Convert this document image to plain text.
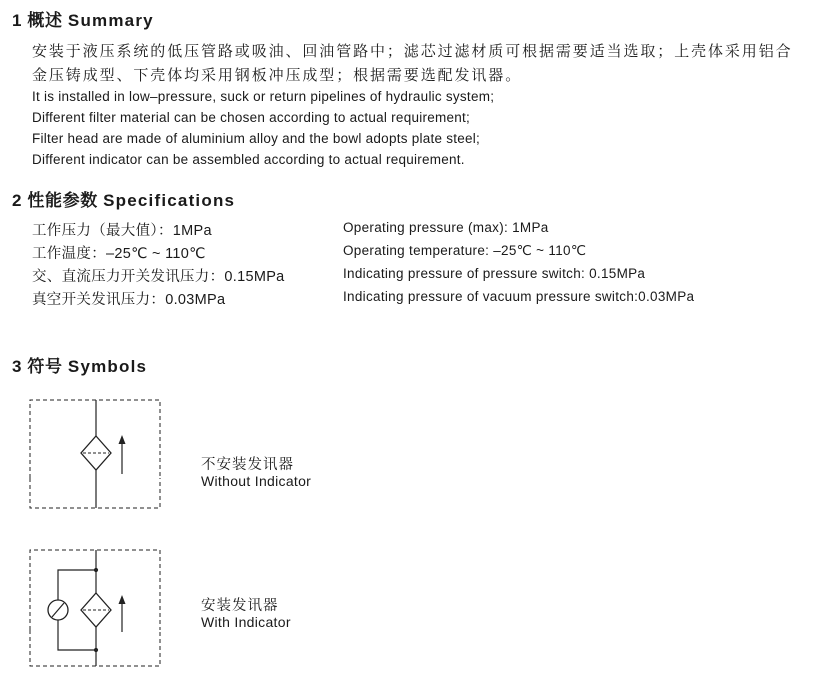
1 概述 Summary
安装于液压系统的低压管路或吸油、回油管路中；滤芯过滤材质可根据需要适当选取；上壳体采用铝合
金压铸成型、下壳体均采用钢板冲压成型；根据需要选配发讯器。
It is installed in low–pressure, suck or return pipelines of hydraulic system;
Different filter material can be chosen according to actual requirement;
Filter head are made of aluminium alloy and the bowl adopts plate steel;
Different indicator can be assembled according to actual requirement.
2 性能参数 Specifications
工作压力（最大值）：1MPa	Operating pressure (max): 1MPa
工作温度：–25℃ ~ 110℃	Operating temperature: –25℃ ~ 110℃
交、直流压力开关发讯压力：0.15MPa	Indicating pressure of pressure switch: 0.15MPa
真空开关发讯压力：0.03MPa	Indicating pressure of vacuum pressure switch:0.03MPa
3 符号 Symbols
不安装发讯器
Without Indicator
安装发讯器
With Indicator
